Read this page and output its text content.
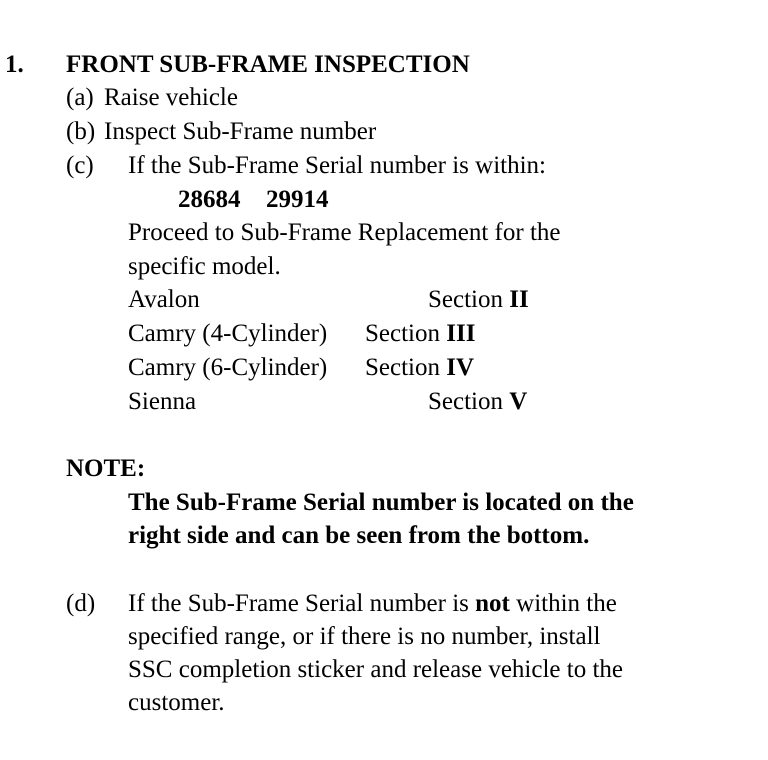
1. FRONT SUB-FRAME INSPECTION
(a) Raise vehicle
(b) Inspect Sub-Frame number
(c) If the Sub-Frame Serial number is within:
28684 29914
Proceed to Sub-Frame Replacement for the
specific model.
Avalon	Section II
Camry (4-Cylinder) Section III
Camry (6-Cylinder) Section IV
Sienna	Section V
NOTE:
The Sub-Frame Serial number is located on the
right side and can be seen from the bottom.
(d) If the Sub-Frame Serial number is not within the
specified range, or if there is no number, install
SSC completion sticker and release vehicle to the
customer.
